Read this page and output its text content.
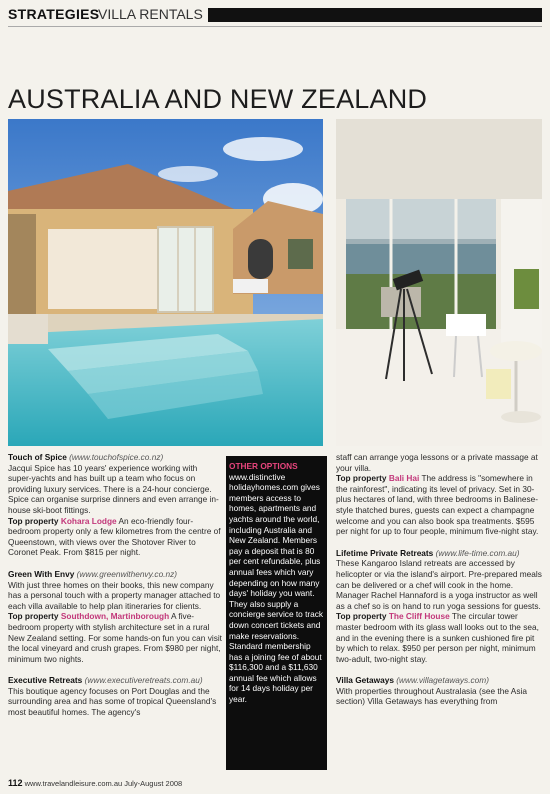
STRATEGIES
VILLA RENTALS
AUSTRALIA AND NEW ZEALAND

Touch of Spice (www.touchofspice.co.nz)

Jacqui Spice has 10 years' experience working with super-yachts and has built up a team who focus on providing luxury services. There is a 24-hour concierge. Spice can organise surprise dinners and even arrange in-house ski-boot fittings.

Top property Kohara Lodge An eco-friendly four-bedroom property only a few kilometres from the centre of Queenstown, with views over the Shotover River to Coronet Peak. From $815 per night.

Green With Envy (www.greenwithenvy.co.nz)

With just three homes on their books, this new company has a personal touch with a property manager attached to each villa available to help plan itineraries for clients.

Top property Southdown, Martinborough A five-bedroom property with stylish architecture set in a rural New Zealand setting. For some hands-on fun you can visit the local vineyard and crush grapes. From $980 per night, minimum two nights.

Executive Retreats (www.executiveretreats.com.au)

This boutique agency focuses on Port Douglas and the surrounding area and has some of tropical Queensland's most beautiful homes. The agency's

OTHER OPTIONS

www.distinctive holidayhomes.com gives members access to homes, apartments and yachts around the world, including Australia and New Zealand. Members pay a deposit that is 80 per cent refundable, plus annual fees which vary depending on how many days' holiday you want. They also supply a concierge service to track down concert tickets and make reservations. Standard membership has a joining fee of about $116,300 and a $11,630 annual fee which allows for 14 days holiday per year.

staff can arrange yoga lessons or a private massage at your villa.

Top property Bali Hai The address is "somewhere in the rainforest", indicating its level of privacy. Set in 30-plus hectares of land, with three bedrooms in Balinese-style thatched bures, guests can expect a champagne welcome and you can also book spa treatments. $595 per night for up to four people, minimum five-night stay.

Lifetime Private Retreats (www.life-time.com.au)

These Kangaroo Island retreats are accessed by helicopter or via the island's airport. Pre-prepared meals can be delivered or a chef will cook in the home. Manager Rachel Hannaford is a yoga instructor as well as a chef so is on hand to run yoga sessions for guests.

Top property The Cliff House The circular tower master bedroom with its glass wall looks out to the sea, and in the evening there is a sunken cushioned fire pit by which to relax. $950 per person per night, minimum two-adult, two-night stay.

Villa Getaways (www.villagetaways.com)

With properties throughout Australasia (see the Asia section) Villa Getaways has everything from

112 www.travelandleisure.com.au July-August 2008
